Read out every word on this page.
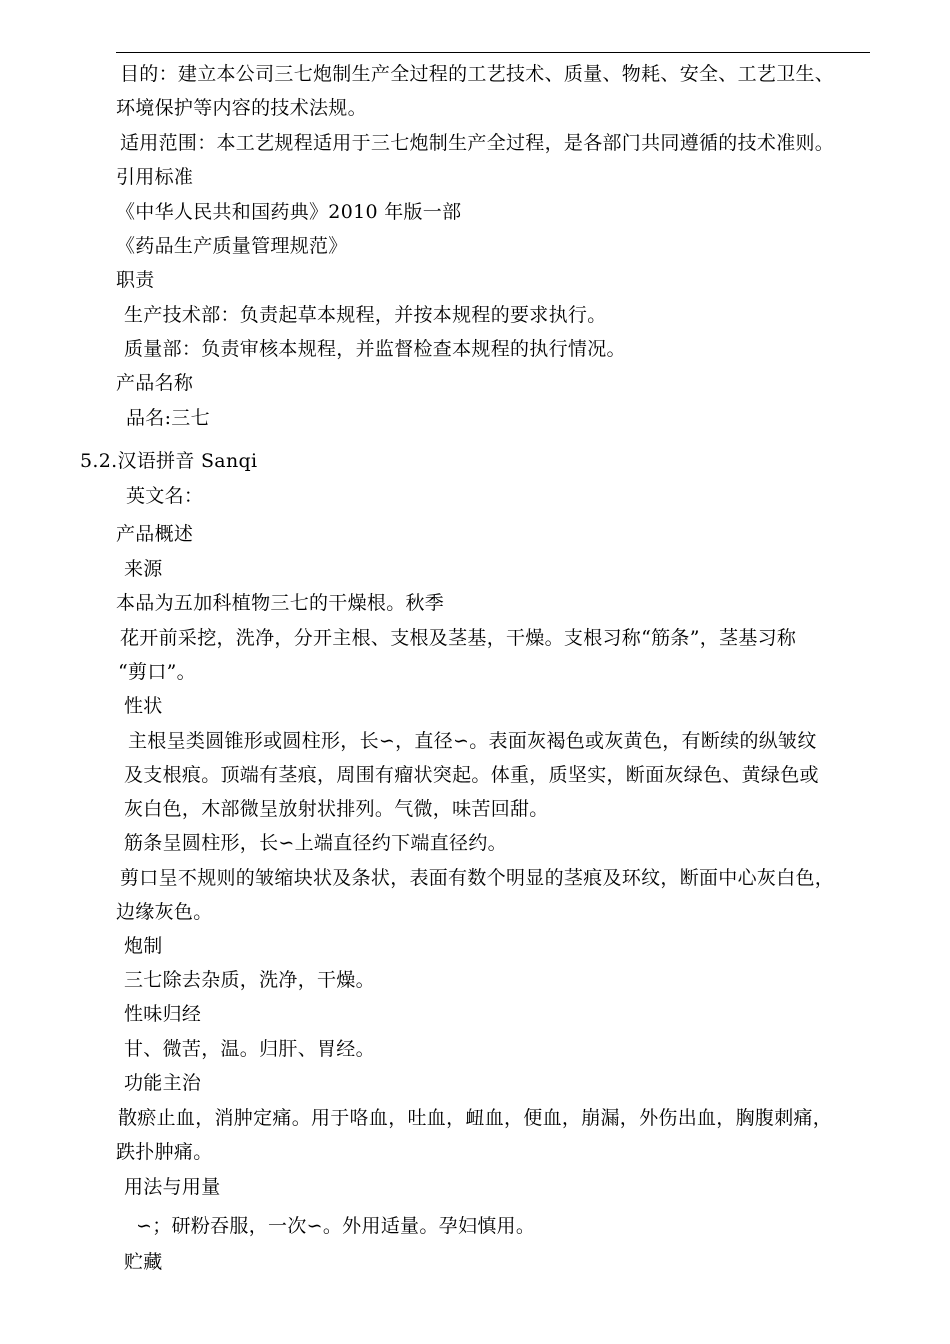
目的：建立本公司三七炮制生产全过程的工艺技术、质量、物耗、安全、工艺卫生、
环境保护等内容的技术法规。
适用范围：本工艺规程适用于三七炮制生产全过程，是各部门共同遵循的技术准则。
引用标准
《中华人民共和国药典》2010 年版一部
《药品生产质量管理规范》
职责
生产技术部：负责起草本规程，并按本规程的要求执行。
质量部：负责审核本规程，并监督检查本规程的执行情况。
产品名称
品名:三七
5.2.汉语拼音 Sanqi
英文名：
产品概述
来源
本品为五加科植物三七的干燥根。秋季
花开前采挖，洗净，分开主根、支根及茎基，干燥。支根习称“筋条”，茎基习称
“剪口”。
性状
主根呈类圆锥形或圆柱形，长∽，直径∽。表面灰褐色或灰黄色，有断续的纵皱纹
及支根痕。顶端有茎痕，周围有瘤状突起。体重，质坚实，断面灰绿色、黄绿色或
灰白色，木部微呈放射状排列。气微，味苦回甜。
筋条呈圆柱形，长∽上端直径约下端直径约。
剪口呈不规则的皱缩块状及条状，表面有数个明显的茎痕及环纹，断面中心灰白色，
边缘灰色。
炮制
三七除去杂质，洗净，干燥。
性味归经
甘、微苦，温。归肝、胃经。
功能主治
散瘀止血，消肿定痛。用于咯血，吐血，衄血，便血，崩漏，外伤出血，胸腹刺痛，
跌扑肿痛。
用法与用量
∽；研粉吞服，一次∽。外用适量。孕妇慎用。
贮藏
